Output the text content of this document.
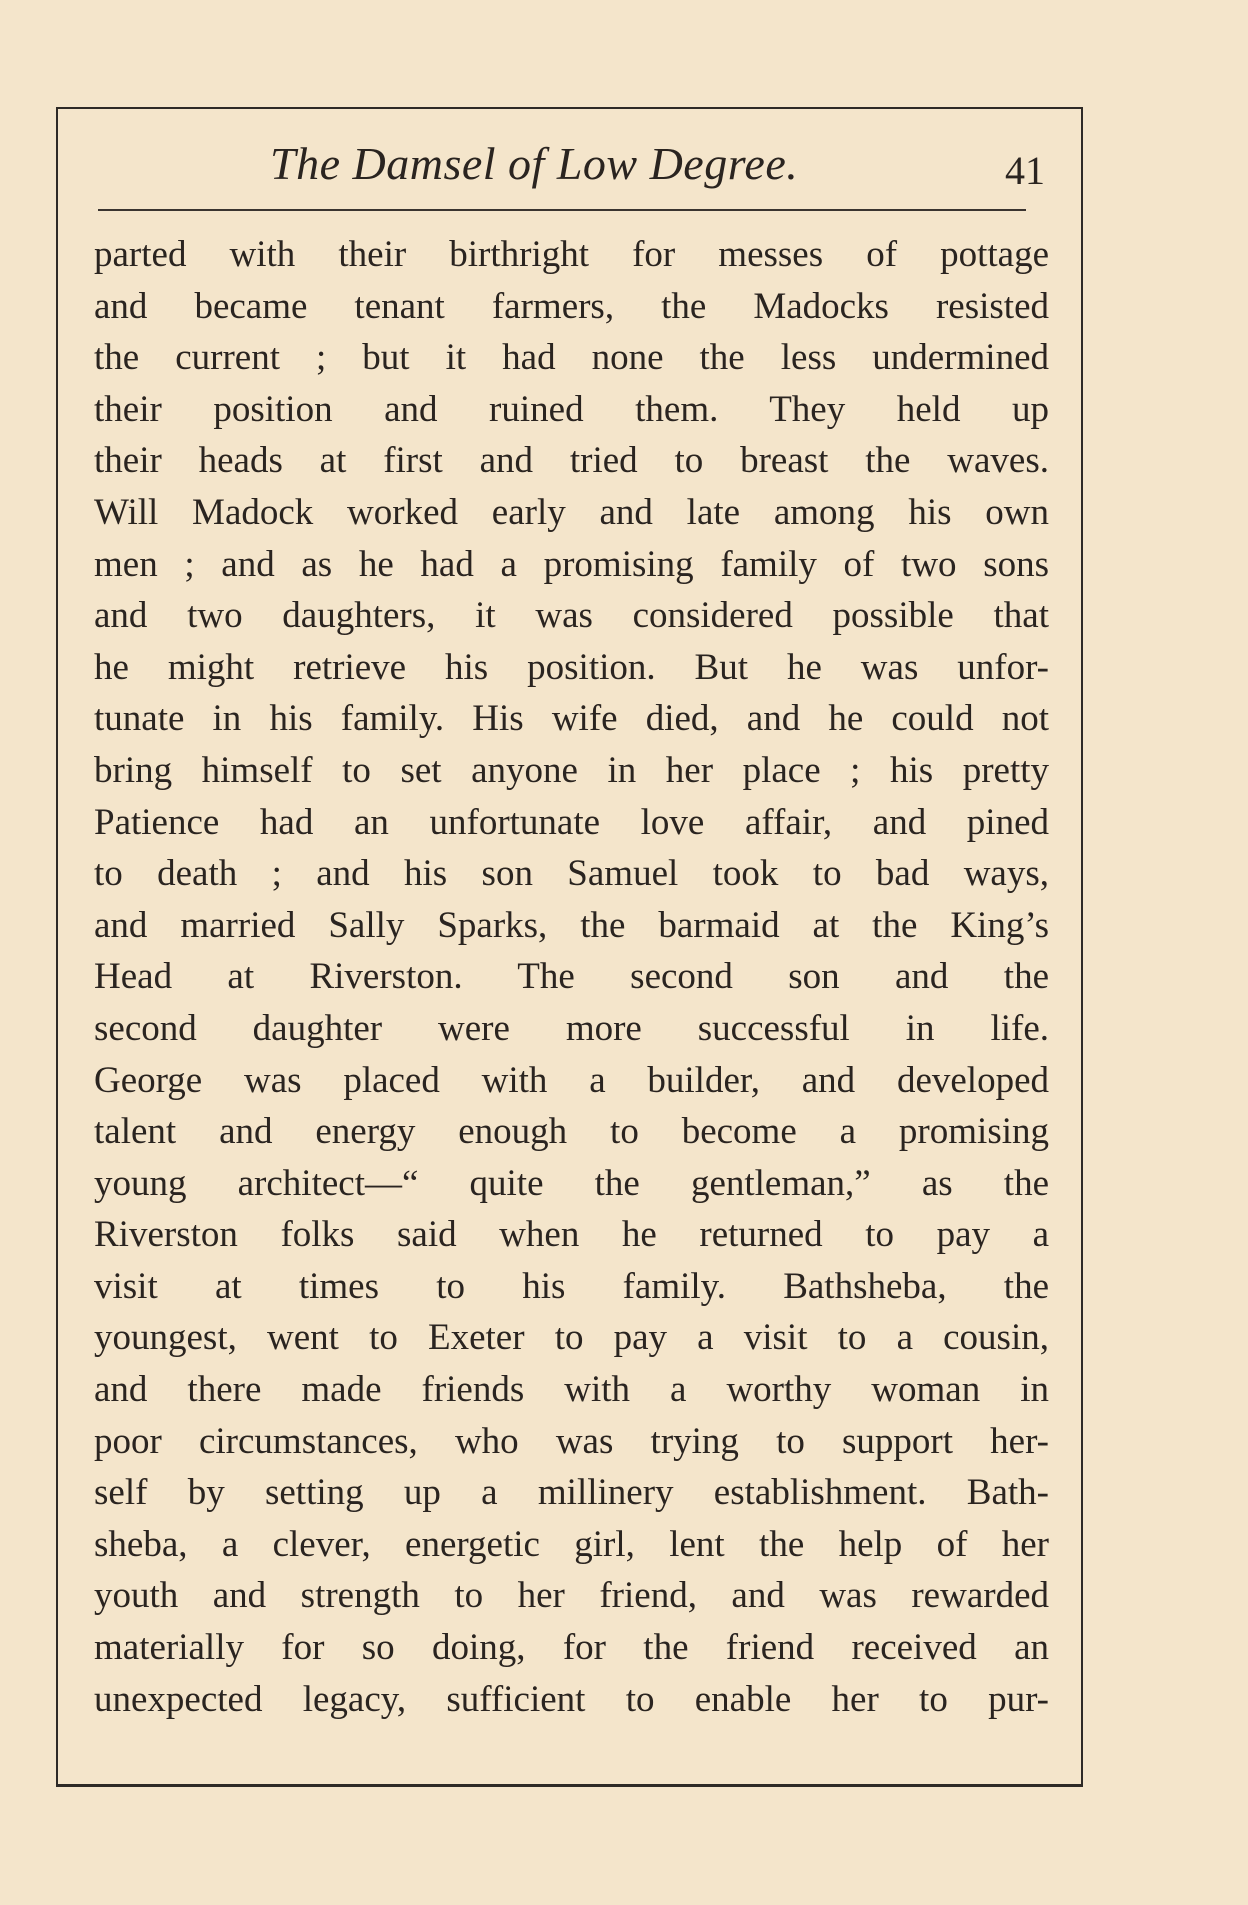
The Damsel of Low Degree.	41
parted with their birthright for messes of pottage
and became tenant farmers, the Madocks resisted
the current ; but it had none the less undermined
their position and ruined them. They held up
their heads at first and tried to breast the waves.
Will Madock worked early and late among his own
men ; and as he had a promising family of two sons
and two daughters, it was considered possible that
he might retrieve his position. But he was unfor-
tunate in his family. His wife died, and he could not
bring himself to set anyone in her place ; his pretty
Patience had an unfortunate love affair, and pined
to death ; and his son Samuel took to bad ways,
and married Sally Sparks, the barmaid at the King’s
Head at Riverston. The second son and the
second daughter were more successful in life.
George was placed with a builder, and developed
talent and energy enough to become a promising
young architect—“ quite the gentleman,” as the
Riverston folks said when he returned to pay a
visit at times to his family. Bathsheba, the
youngest, went to Exeter to pay a visit to a cousin,
and there made friends with a worthy woman in
poor circumstances, who was trying to support her-
self by setting up a millinery establishment. Bath-
sheba, a clever, energetic girl, lent the help of her
youth and strength to her friend, and was rewarded
materially for so doing, for the friend received an
unexpected legacy, sufficient to enable her to pur-
